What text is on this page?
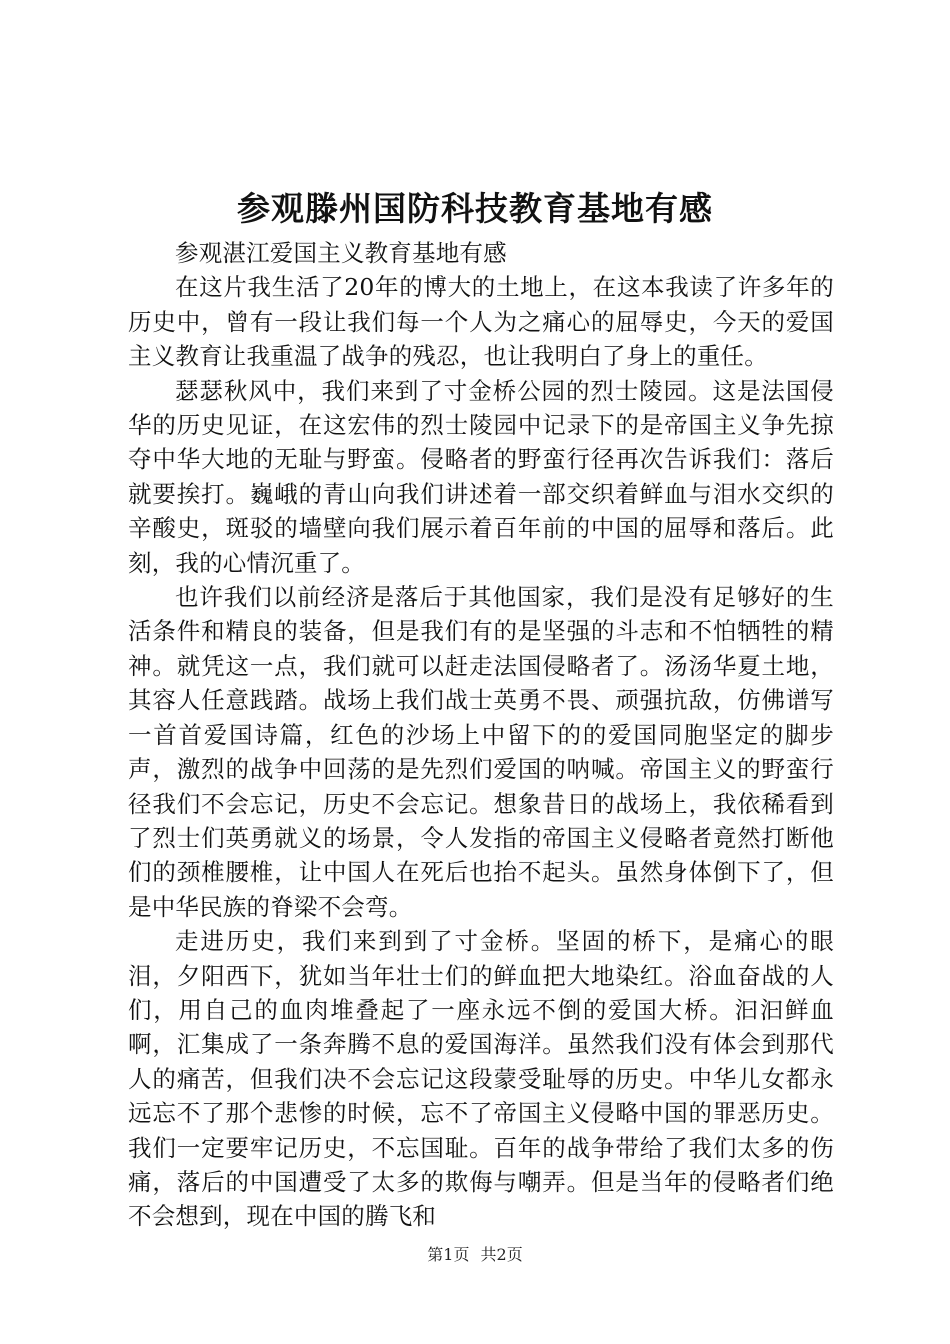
参观滕州国防科技教育基地有感

参观湛江爱国主义教育基地有感

在这片我生活了20年的博大的土地上，在这本我读了许多年的历史中，曾有一段让我们每一个人为之痛心的屈辱史，今天的爱国主义教育让我重温了战争的残忍，也让我明白了身上的重任。

瑟瑟秋风中，我们来到了寸金桥公园的烈士陵园。这是法国侵华的历史见证，在这宏伟的烈士陵园中记录下的是帝国主义争先掠夺中华大地的无耻与野蛮。侵略者的野蛮行径再次告诉我们：落后就要挨打。巍峨的青山向我们讲述着一部交织着鲜血与泪水交织的辛酸史，斑驳的墙壁向我们展示着百年前的中国的屈辱和落后。此刻，我的心情沉重了。

也许我们以前经济是落后于其他国家，我们是没有足够好的生活条件和精良的装备，但是我们有的是坚强的斗志和不怕牺牲的精神。就凭这一点，我们就可以赶走法国侵略者了。汤汤华夏土地，其容人任意践踏。战场上我们战士英勇不畏、顽强抗敌，仿佛谱写一首首爱国诗篇，红色的沙场上中留下的的爱国同胞坚定的脚步声，激烈的战争中回荡的是先烈们爱国的呐喊。帝国主义的野蛮行径我们不会忘记，历史不会忘记。想象昔日的战场上，我依稀看到了烈士们英勇就义的场景，令人发指的帝国主义侵略者竟然打断他们的颈椎腰椎，让中国人在死后也抬不起头。虽然身体倒下了，但是中华民族的脊梁不会弯。

走进历史，我们来到到了寸金桥。坚固的桥下，是痛心的眼泪，夕阳西下，犹如当年壮士们的鲜血把大地染红。浴血奋战的人们，用自己的血肉堆叠起了一座永远不倒的爱国大桥。汩汩鲜血啊，汇集成了一条奔腾不息的爱国海洋。虽然我们没有体会到那代人的痛苦，但我们决不会忘记这段蒙受耻辱的历史。中华儿女都永远忘不了那个悲惨的时候，忘不了帝国主义侵略中国的罪恶历史。我们一定要牢记历史，不忘国耻。百年的战争带给了我们太多的伤痛，落后的中国遭受了太多的欺侮与嘲弄。但是当年的侵略者们绝不会想到，现在中国的腾飞和

第1页 共2页
